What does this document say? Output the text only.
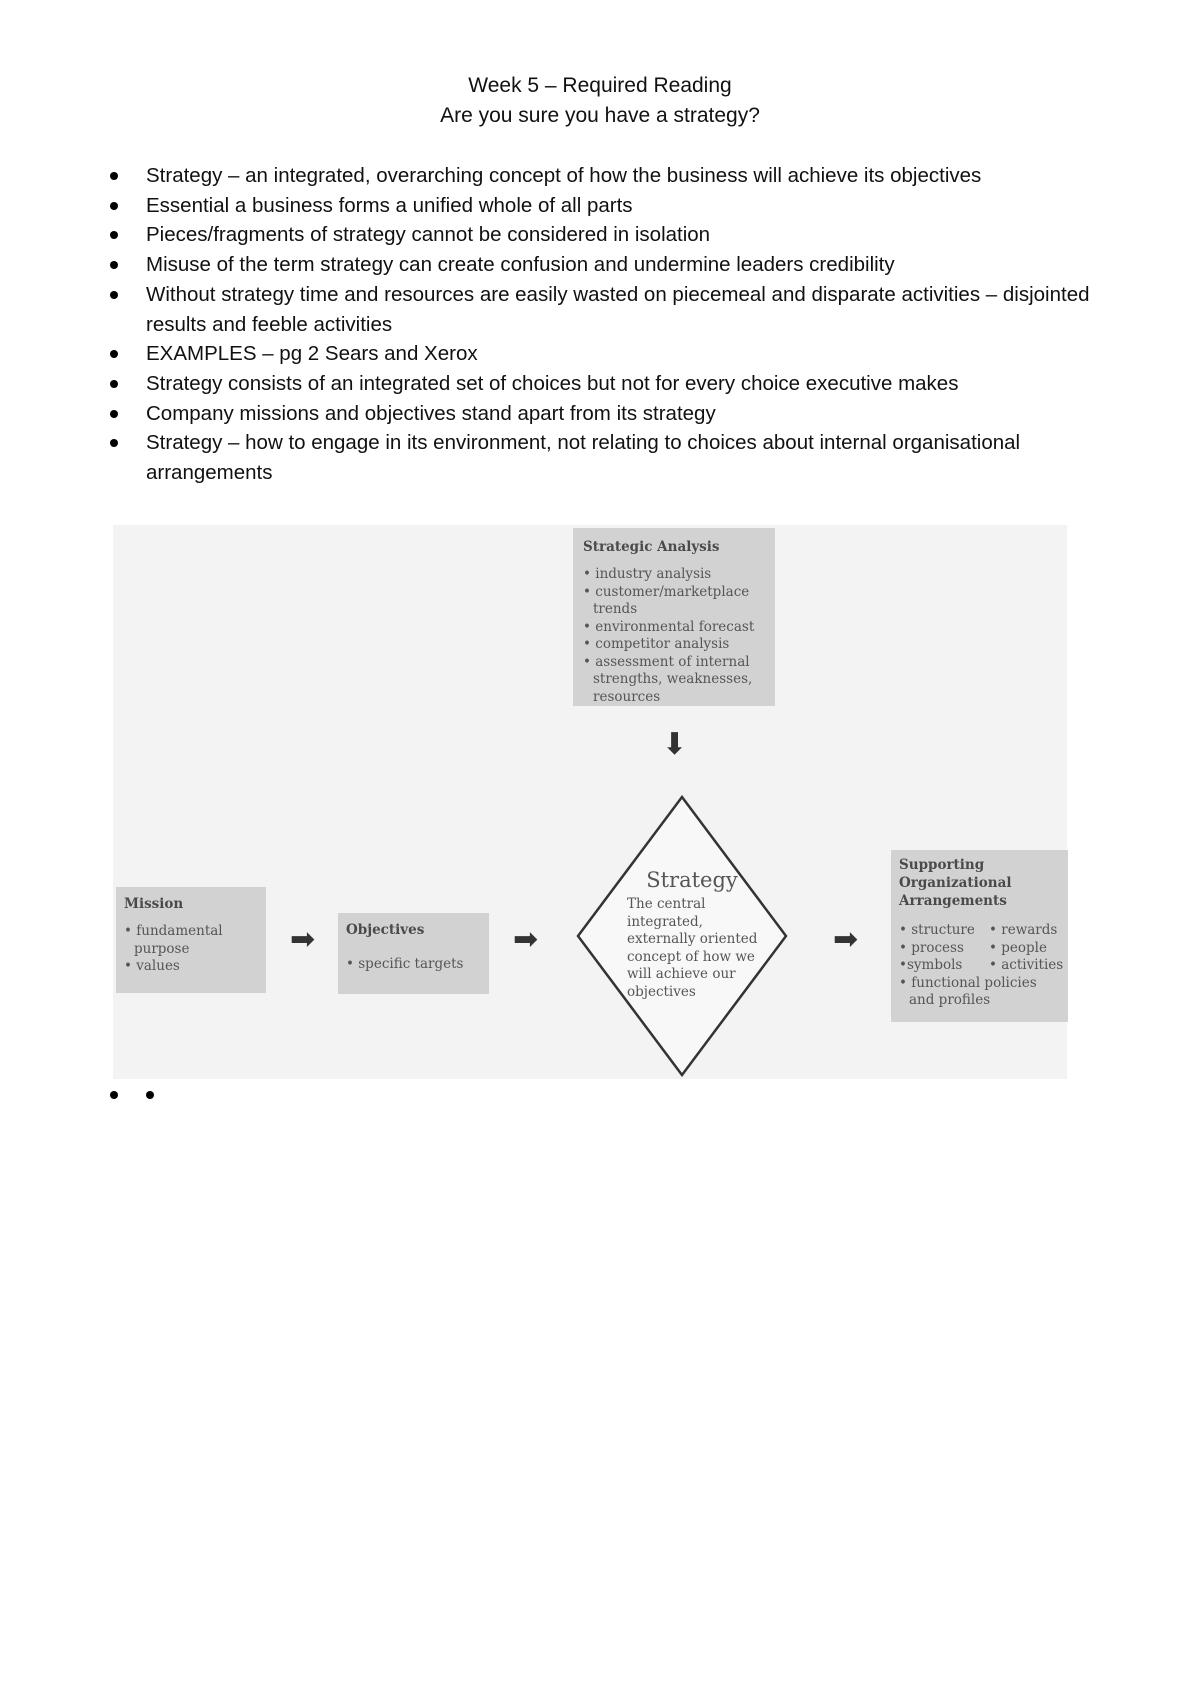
Week 5 – Required Reading
Are you sure you have a strategy?
Strategy – an integrated, overarching concept of how the business will achieve its objectives
Essential a business forms a unified whole of all parts
Pieces/fragments of strategy cannot be considered in isolation
Misuse of the term strategy can create confusion and undermine leaders credibility
Without strategy time and resources are easily wasted on piecemeal and disparate activities – disjointed results and feeble activities
EXAMPLES – pg 2 Sears and Xerox
Strategy consists of an integrated set of choices but not for every choice executive makes
Company missions and objectives stand apart from its strategy
Strategy – how to engage in its environment, not relating to choices about internal organisational arrangements
Strategic Analysis
• industry analysis
• customer/marketplace trends
• environmental forecast
• competitor analysis
• assessment of internal
strengths, weaknesses,
resources
⬇
Strategy
The central
integrated,
externally oriented
concept of how we
will achieve our
objectives
Mission
• fundamental
purpose
• values
➡ Objectives
• specific targets
➡	➡
Supporting
Organizational
Arrangements
• structure
• process
•symbols
• rewards
• people
• activities
• functional policies
and profiles
